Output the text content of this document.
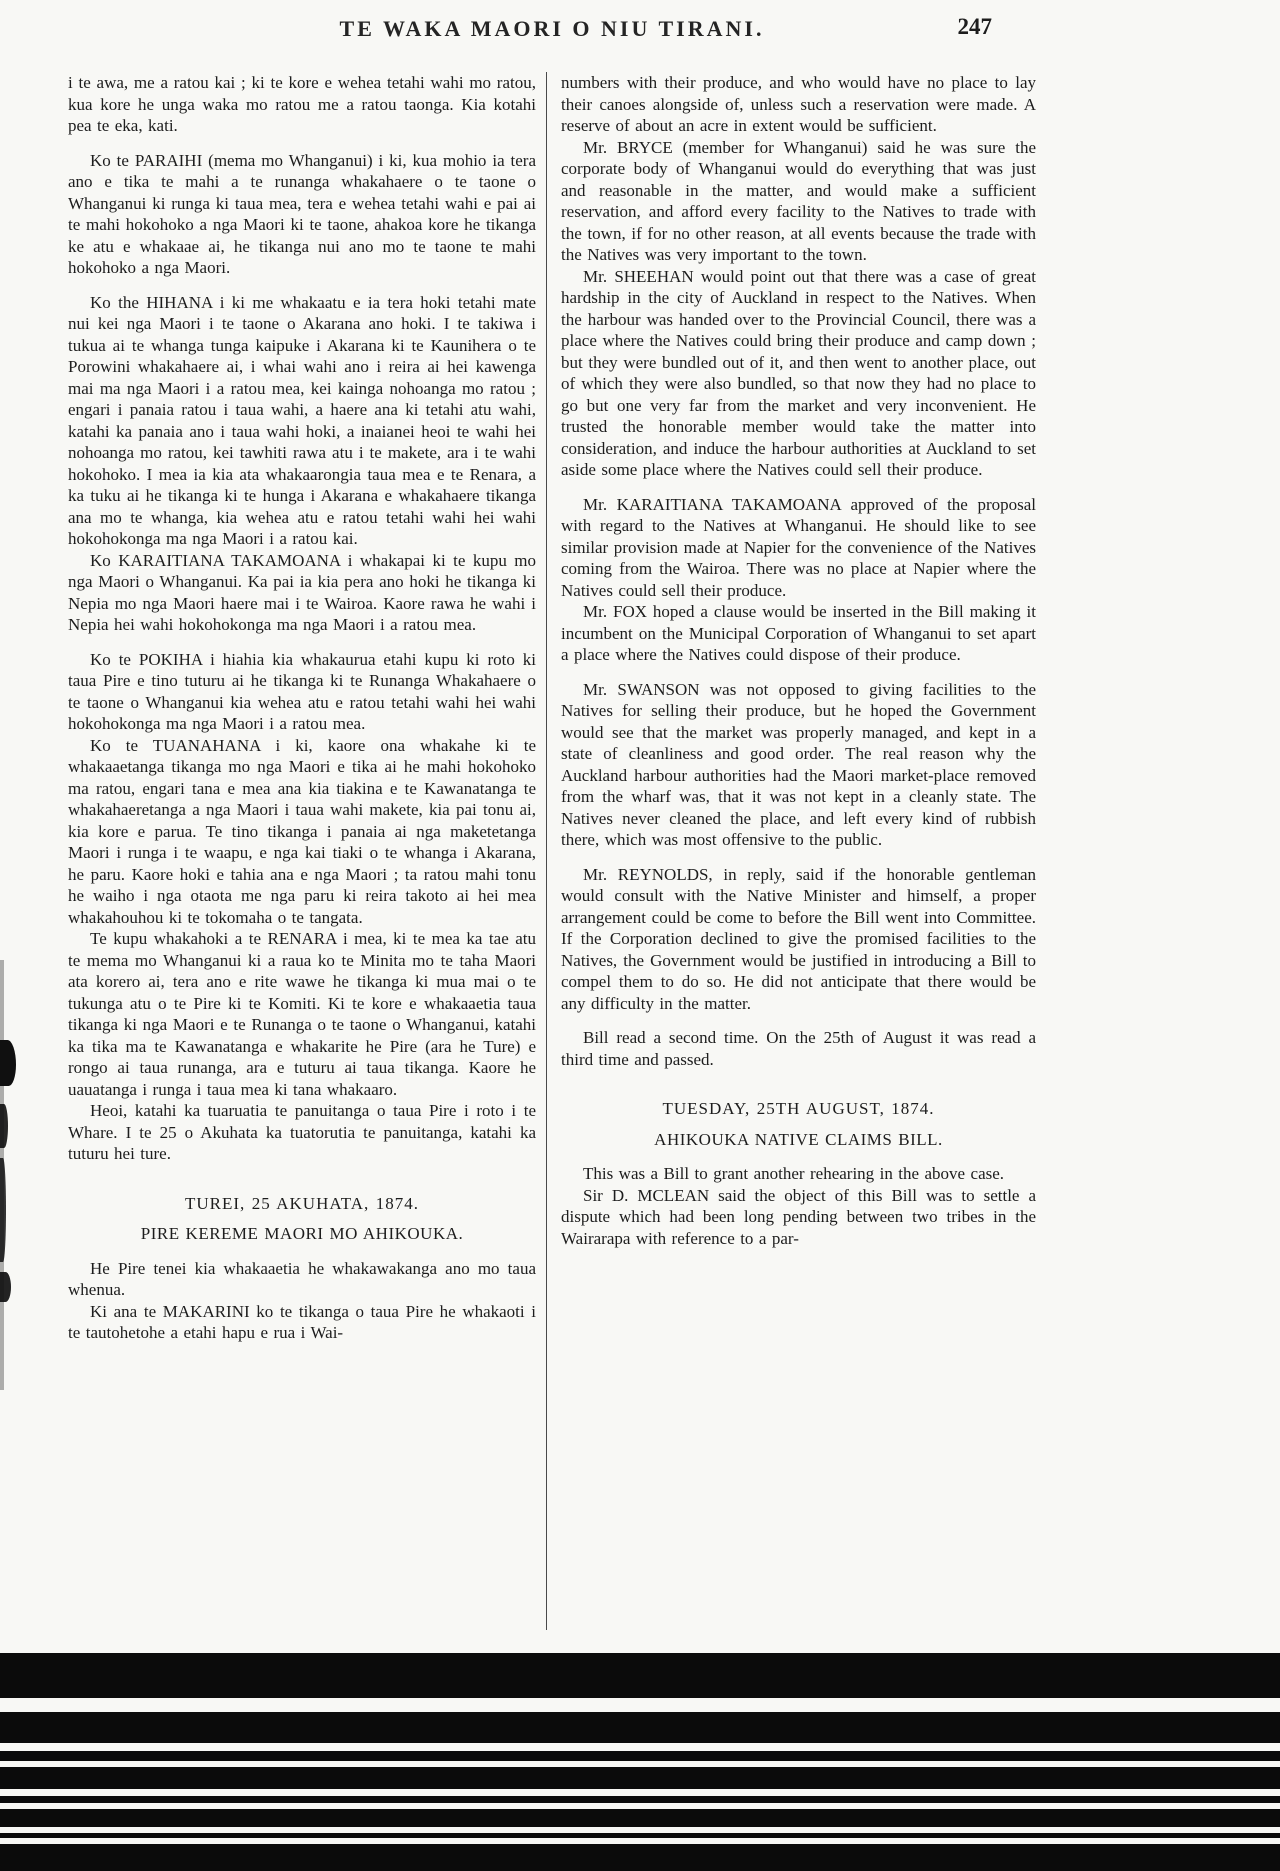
TE WAKA MAORI O NIU TIRANI.	247

i te awa, me a ratou kai ; ki te kore e wehea tetahi wahi mo ratou, kua kore he unga waka mo ratou me a ratou taonga. Kia kotahi pea te eka, kati.

Ko te PARAIHI (mema mo Whanganui) i ki, kua mohio ia tera ano e tika te mahi a te runanga whakahaere o te taone o Whanganui ki runga ki taua mea, tera e wehea tetahi wahi e pai ai te mahi hokohoko a nga Maori ki te taone, ahakoa kore he tikanga ke atu e whakaae ai, he tikanga nui ano mo te taone te mahi hokohoko a nga Maori.

Ko the HIHANA i ki me whakaatu e ia tera hoki tetahi mate nui kei nga Maori i te taone o Akarana ano hoki. I te takiwa i tukua ai te whanga tunga kaipuke i Akarana ki te Kaunihera o te Porowini whakahaere ai, i whai wahi ano i reira ai hei kawenga mai ma nga Maori i a ratou mea, kei kainga nohoanga mo ratou ; engari i panaia ratou i taua wahi, a haere ana ki tetahi atu wahi, katahi ka panaia ano i taua wahi hoki, a inaianei heoi te wahi hei nohoanga mo ratou, kei tawhiti rawa atu i te makete, ara i te wahi hokohoko. I mea ia kia ata whakaarongia taua mea e te Renara, a ka tuku ai he tikanga ki te hunga i Akarana e whakahaere tikanga ana mo te whanga, kia wehea atu e ratou tetahi wahi hei wahi hokohokonga ma nga Maori i a ratou kai.

Ko KARAITIANA TAKAMOANA i whakapai ki te kupu mo nga Maori o Whanganui. Ka pai ia kia pera ano hoki he tikanga ki Nepia mo nga Maori haere mai i te Wairoa. Kaore rawa he wahi i Nepia hei wahi hokohokonga ma nga Maori i a ratou mea.

Ko te POKIHA i hiahia kia whakaurua etahi kupu ki roto ki taua Pire e tino tuturu ai he tikanga ki te Runanga Whakahaere o te taone o Whanganui kia wehea atu e ratou tetahi wahi hei wahi hokohokonga ma nga Maori i a ratou mea.

Ko te TUANAHANA i ki, kaore ona whakahe ki te whakaaetanga tikanga mo nga Maori e tika ai he mahi hokohoko ma ratou, engari tana e mea ana kia tiakina e te Kawanatanga te whakahaeretanga a nga Maori i taua wahi makete, kia pai tonu ai, kia kore e parua. Te tino tikanga i panaia ai nga maketetanga Maori i runga i te waapu, e nga kai tiaki o te whanga i Akarana, he paru. Kaore hoki e tahia ana e nga Maori ; ta ratou mahi tonu he waiho i nga otaota me nga paru ki reira takoto ai hei mea whakahouhou ki te tokomaha o te tangata.

Te kupu whakahoki a te RENARA i mea, ki te mea ka tae atu te mema mo Whanganui ki a raua ko te Minita mo te taha Maori ata korero ai, tera ano e rite wawe he tikanga ki mua mai o te tukunga atu o te Pire ki te Komiti. Ki te kore e whakaaetia taua tikanga ki nga Maori e te Runanga o te taone o Whanganui, katahi ka tika ma te Kawanatanga e whakarite he Pire (ara he Ture) e rongo ai taua runanga, ara e tuturu ai taua tikanga. Kaore he uauatanga i runga i taua mea ki tana whakaaro.

Heoi, katahi ka tuaruatia te panuitanga o taua Pire i roto i te Whare. I te 25 o Akuhata ka tuatorutia te panuitanga, katahi ka tuturu hei ture.

TUREI, 25 AKUHATA, 1874.
PIRE KEREME MAORI MO AHIKOUKA.

He Pire tenei kia whakaaetia he whakawakanga ano mo taua whenua.

Ki ana te MAKARINI ko te tikanga o taua Pire he whakaoti i te tautohetohe a etahi hapu e rua i Wai-

numbers with their produce, and who would have no place to lay their canoes alongside of, unless such a reservation were made. A reserve of about an acre in extent would be sufficient.

Mr. BRYCE (member for Whanganui) said he was sure the corporate body of Whanganui would do everything that was just and reasonable in the matter, and would make a sufficient reservation, and afford every facility to the Natives to trade with the town, if for no other reason, at all events because the trade with the Natives was very important to the town.

Mr. SHEEHAN would point out that there was a case of great hardship in the city of Auckland in respect to the Natives. When the harbour was handed over to the Provincial Council, there was a place where the Natives could bring their produce and camp down ; but they were bundled out of it, and then went to another place, out of which they were also bundled, so that now they had no place to go but one very far from the market and very inconvenient. He trusted the honorable member would take the matter into consideration, and induce the harbour authorities at Auckland to set aside some place where the Natives could sell their produce.

Mr. KARAITIANA TAKAMOANA approved of the proposal with regard to the Natives at Whanganui. He should like to see similar provision made at Napier for the convenience of the Natives coming from the Wairoa. There was no place at Napier where the Natives could sell their produce.

Mr. FOX hoped a clause would be inserted in the Bill making it incumbent on the Municipal Corporation of Whanganui to set apart a place where the Natives could dispose of their produce.

Mr. SWANSON was not opposed to giving facilities to the Natives for selling their produce, but he hoped the Government would see that the market was properly managed, and kept in a state of cleanliness and good order. The real reason why the Auckland harbour authorities had the Maori market-place removed from the wharf was, that it was not kept in a cleanly state. The Natives never cleaned the place, and left every kind of rubbish there, which was most offensive to the public.

Mr. REYNOLDS, in reply, said if the honorable gentleman would consult with the Native Minister and himself, a proper arrangement could be come to before the Bill went into Committee. If the Corporation declined to give the promised facilities to the Natives, the Government would be justified in introducing a Bill to compel them to do so. He did not anticipate that there would be any difficulty in the matter.

Bill read a second time. On the 25th of August it was read a third time and passed.

TUESDAY, 25TH AUGUST, 1874.
AHIKOUKA NATIVE CLAIMS BILL.

This was a Bill to grant another rehearing in the above case.

Sir D. MCLEAN said the object of this Bill was to settle a dispute which had been long pending between two tribes in the Wairarapa with reference to a par-
